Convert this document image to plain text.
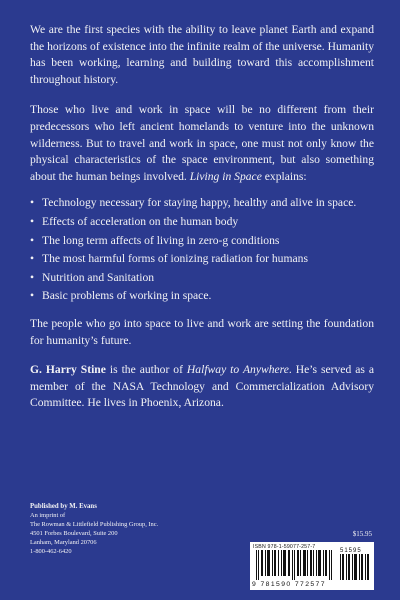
We are the first species with the ability to leave planet Earth and expand the horizons of existence into the infinite realm of the universe. Humanity has been working, learning and building toward this accomplishment throughout history.

Those who live and work in space will be no different from their predecessors who left ancient homelands to venture into the unknown wilderness. But to travel and work in space, one must not only know the physical characteristics of the space environment, but also something about the human beings involved. Living in Space explains:

• Technology necessary for staying happy, healthy and alive in space.
• Effects of acceleration on the human body
• The long term affects of living in zero-g conditions
• The most harmful forms of ionizing radiation for humans
• Nutrition and Sanitation
• Basic problems of working in space.

The people who go into space to live and work are setting the foundation for humanity’s future.

G. Harry Stine is the author of Halfway to Anywhere. He’s served as a member of the NASA Technology and Commercialization Advisory Committee. He lives in Phoenix, Arizona.

Published by M. Evans
An imprint of
The Rowman & Littlefield Publishing Group, Inc.
4501 Forbes Boulevard, Suite 200
Lanham, Maryland 20706
1-800-462-6420
$15.95
ISBN 978-1-59077-257-7
51595
9 781590 772577
